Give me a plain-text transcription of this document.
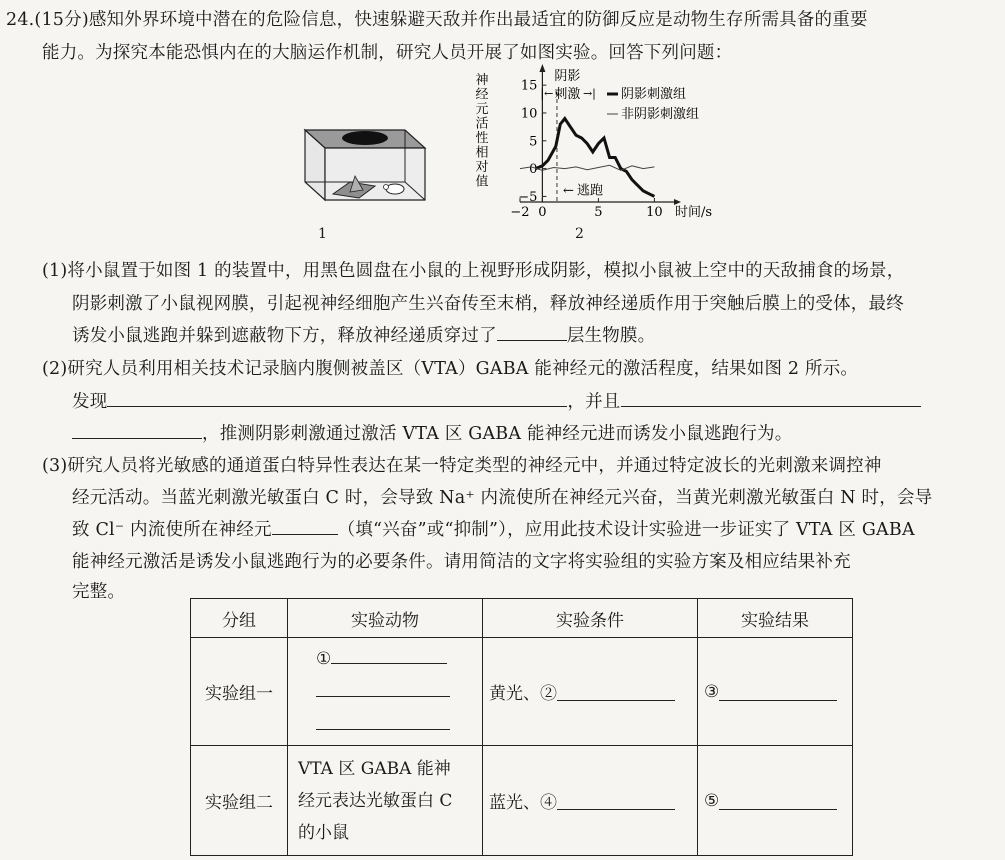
24.(15分)感知外界环境中潜在的危险信息，快速躲避天敌并作出最适宜的防御反应是动物生存所需具备的重要
能力。为探究本能恐惧内在的大脑运作机制，研究人员开展了如图实验。回答下列问题：
1
神
经
元
活
性
相
对
值
15
10
5
0
−5
−2 0	5	10
阴影
刺激
|←	→| 阴影刺激组
非阴影刺激组
← 逃跑
时间/s
2
(1)将小鼠置于如图 1 的装置中，用黑色圆盘在小鼠的上视野形成阴影，模拟小鼠被上空中的天敌捕食的场景，
阴影刺激了小鼠视网膜，引起视神经细胞产生兴奋传至末梢，释放神经递质作用于突触后膜上的受体，最终
诱发小鼠逃跑并躲到遮蔽物下方，释放神经递质穿过了	层生物膜。
(2)研究人员利用相关技术记录脑内腹侧被盖区（VTA）GABA 能神经元的激活程度，结果如图 2 所示。
发现	，并且
，推测阴影刺激通过激活 VTA 区 GABA 能神经元进而诱发小鼠逃跑行为。
(3)研究人员将光敏感的通道蛋白特异性表达在某一特定类型的神经元中，并通过特定波长的光刺激来调控神
经元活动。当蓝光刺激光敏蛋白 C 时，会导致 Na⁺ 内流使所在神经元兴奋，当黄光刺激光敏蛋白 N 时，会导
致 Cl⁻ 内流使所在神经元	（填“兴奋”或“抑制”），应用此技术设计实验进一步证实了 VTA 区 GABA
能神经元激活是诱发小鼠逃跑行为的必要条件。请用简洁的文字将实验组的实验方案及相应结果补充
完整。
分组	实验动物	实验条件	实验结果
实验组一	①	黄光、②	③

实验组二	VTA 区 GABA 能神
经元表达光敏蛋白 C
的小鼠	蓝光、④	⑤
